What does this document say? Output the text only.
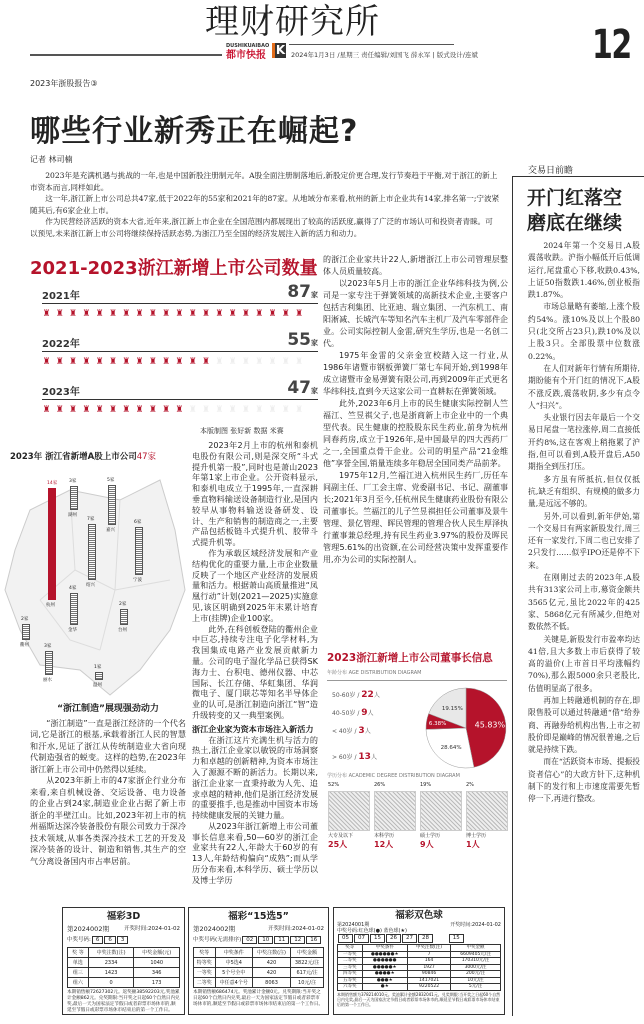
理财研究所
DUSHIKUAIBAO
都市快报 K 2024年1月3日 /星期三 责任编辑/刘国飞 薛永军 | 版式设计/连斌	12
2023年浙股报告③
哪些行业新秀正在崛起?
记者 林司楠

2023年是充满机遇与挑战的一年,也是中国新股注册制元年。A股全面注册制落地后,新股定价更合理,发行节奏趋于平衡,对于浙江的新上市资本而言,同样如此。

这一年,浙江新上市公司总共47家,低于2022年的55家和2021年的87家。从地域分布来看,杭州的新上市企业共有14家,排名第一;宁波紧随其后,有6家企业上市。

作为民营经济活跃的资本大省,近年来,浙江新上市企业在全国范围内都展现出了较高的活跃度,赢得了广泛的市场认可和投资者青睐。可以预见,未来浙江新上市公司将继续保持活跃态势,为浙江乃至全国的经济发展注入新的活力和动力。

2021-2023浙江新增上市公司数量
2021年	87家
♜ ♜ ♜ ♜ ♜ ♜ ♜ ♜ ♜ ♜ ♜ ♜ ♜ ♜ ♜ ♜ ♜ ♜ ♜ ♜
2022年	55家
♜ ♜ ♜ ♜ ♜ ♜ ♜ ♜ ♜ ♜ ♜ ♜ ♜ ♜ ♜ ♜ ♜ ♜ ♜ ♜
2023年	47家
♜ ♜ ♜ ♜ ♜ ♜ ♜ ♜ ♜ ♜ ♜ ♜ ♜ ♜ ♜ ♜ ♜ ♜ ♜ ♜
本版制图 张好新 数据 米赛
14家
杭州
3家
湖州
5家
嘉兴
7家
绍兴
6家
宁波
4家
金华
2家
衢州
2家
台州
3家
丽水
1家
温州
2023年 浙江省新增A股上市公司47家

2023年2月上市的杭州和泰机电股份有限公司,则是深交所“斗式提升机第一股”,同时也是萧山2023年第1家上市企业。公开资料显示,和泰机电成立于1995年,一直深耕垂直物料输送设备制造行业,是国内较早从事物料输送设备研发、设计、生产和销售的制造商之一,主要产品包括板链斗式提升机、胶带斗式提升机等。

作为承载区域经济发展和产业结构优化的重要力量,上市企业数量反映了一个地区产业经济的发展质量和活力。根据萧山高质量推进“凤凰行动”计划(2021—2025)实施意见,该区明确到2025年末累计培育上市(挂牌)企业100家。

此外,在科创板登陆的衢州企业中巨芯,持续专注电子化学材料,为我国集成电路产业发展贡献新力量。公司的电子湿化学品已获得SK海力士、台积电、德州仪器、中芯国际、长江存储、华虹集团、华润微电子、厦门联芯等知名半导体企业的认可,是浙江制造向浙江“智”造升级转变的又一典型案例。

浙江企业家为资本市场注入新活力

在浙江这片充满生机与活力的热土,浙江企业家以敏锐的市场洞察力和卓越的创新精神,为资本市场注入了源源不断的新活力。长期以来,浙江企业家一直秉持敢为人先、追求卓越的精神,他们是浙江经济发展的重要推手,也是推动中国资本市场持续健康发展的关键力量。

从2023年浙江新增上市公司董事长信息来看,50—60岁的浙江企业家共有22人,年龄大于60岁的有13人,年龄结构偏向“成熟”;而从学历分布来看,本科学历、硕士学历以及博士学历

的浙江企业家共计22人,新增浙江上市公司管理层整体人员质量较高。

以2023年5月上市的浙江企业华纬科技为例,公司是一家专注于弹簧领域的高新技术企业,主要客户包括吉利集团、比亚迪、瑞立集团、一汽东机工、南阳淅减、长城汽车等知名汽车主机厂及汽车零部件企业。公司实际控制人金雷,研究生学历,也是一名创二代。

1975年金雷的父亲金宣校踏入这一行业,从1986年诸暨市钢板弹簧厂第七车间开始,到1998年成立诸暨市金易弹簧有限公司,再到2009年正式更名华纬科技,直到今天这家公司一直耕耘在弹簧领域。

此外,2023年6月上市的民生健康实际控制人竺福江、竺昱祺父子,也是浙商新上市企业中的一个典型代表。民生健康的控股股东民生药业,前身为杭州同春药房,成立于1926年,是中国最早的四大西药厂之一,全国重点骨干企业。公司的明星产品“21金维他”享誉全国,销量连续多年稳居全国同类产品前茅。

1975年12月,竺福江进入杭州民生药厂,历任车间副主任、厂工会主席、党委副书记、书记、副董事长;2021年3月至今,任杭州民生健康药业股份有限公司董事长。竺福江的儿子竺昱祺担任公司董事及景牛管理、景亿管理、晖民管理的管理合伙人民生厚泽执行董事兼总经理,持有民生药业3.97%的股份及晖民管理5.61%的出资额,在公司经营决策中发挥重要作用,亦为公司的实际控制人。

“浙江制造”展现强劲动力

“浙江制造”一直是浙江经济的一个代名词,它是浙江的根基,承载着浙江人民的智慧和汗水,见证了浙江从传统制造业大省向现代制造强省的蜕变。这样的趋势,在2023年浙江新上市公司中仍然得以延续。

从2023年新上市的47家浙企行业分布来看,来自机械设备、交运设备、电力设备的企业占到24家,制造业企业占据了新上市浙企的半壁江山。比如,2023年初上市的杭州福斯达深冷装备股份有限公司致力于深冷技术领域,从事各类深冷技术工艺的开发及深冷装备的设计、制造和销售,其生产的空气分离设备国内市占率居前。

2023浙江新增上市公司董事长信息
年龄分布 AGE DISTRIBUTION DIAGRAM
50-60岁 / 22人
40-50岁 / 9人
< 40岁 / 3人
> 60岁 / 13人
45.83%
28.64%
6.38%
19.15%
学历分布 ACADEMIC DEGREE DISTRIBUTION DIAGRAM
52%
大专及以下
25人
26%
本科学历
12人
19%
硕士学历
9人
2%
博士学历
1人
福彩3D
第2024002期	开奖时间:2024-01-02
中奖号码: 6 6 3
奖 等	中奖注数(注)	中奖金额(元)
单选	2334	1040
组三	1423	346
组六	0	173
本期销售额72627302元。返奖额38592203元,奖池累计金额862元。兑奖期限:当开奖之日起60个自然日内兑奖,最后一天为国家法定节假日或者彩票市场休市的,顺延至节假日或彩票市场休市结束后的第一个工作日。
福彩“15选5”
第2024002期	开奖时间:2024-01-02
中奖号码(无需排序) 02 10 11 12 16
奖等	中奖条件	中奖注数(注)	中奖金额
特等奖	中5选4	420	3822元/注
一等奖	5个号全中	420	617元/注
二等奖	中任意4个号	8063	10元/注
本期销售额686474元。奖池累计金额0元。兑奖期限:当开奖之日起60个自然日内兑奖,最后一天为国家法定节假日或者彩票市场休市的,顺延至节假日或彩票市场休市结束后的第一个工作日。
福彩双色球
第2024001期	开奖时间:2024-01-02
中奖号码:红色球(●) 蓝色球(★)
05 07 15 26 27 28	15
奖等	中奖条件	中奖注数(注)	中奖金额
一等奖	●●●●●●★	7	6609405元/注
二等奖	●●●●●●	164	170310元/注
三等奖	●●●●●★	1927	3000元/注
四等奖	●●●●★	90846	200元/注
五等奖	●●●★	1417021	10元/注
六等奖	●★	9220522	5元/注
本期销售额为378214010元。奖池累计金额2832041元。兑奖期限:当开奖之日起60个自然日内兑奖,最后一天为国家法定节假日或者彩票市场休市的,顺延至节假日或彩票市场休市结束后的第一个工作日。
交易日前瞻
开门红落空
磨底在继续

2024年第一个交易日,A股震荡收跌。沪指小幅低开后低调运行,尾盘重心下移,收跌0.43%,上证50指数跌1.46%,创业板指跌1.87%。

市场总量略有萎缩,上涨个股约54%。涨10%及以上个股80只(北交所占23只),跌10%及以上股3只。全部股票中位数涨0.22%。

在人们对新年行情有所期待,期盼能有个开门红的情况下,A股不涨反跌,震荡收阴,多少有点令人“扫兴”。

头业银行因去年最后一个交易日尾盘一笔拉涨停,周二直接低开约8%,这在客观上稍拖累了沪指,但可以看到,A股开盘后,A50期指全到压打压。

多方虽有所抵抗,但仅仅抵抗,缺乏有组织、有规模的做多力量,是远远不够的。

另外,可以看到,新年伊始,第一个交易日有两家新股发行,周三还有一家发行,下周二也已安排了2只发行……似乎IPO还是停不下来。

在刚刚过去的2023年,A股共有313家公司上市,募资金额共3565亿元,虽比2022年的425家、5868亿元有所减少,但绝对数依然不低。

关键是,新股发行市盈率均达41倍,且大多数上市后获得了较高的溢价(上市首日平均涨幅约70%),那么跟5000余只老股比,估值明显高了很多。

再加上转融通机制的存在,即限售股可以通过转融通“借”给券商、再融券给机构出售,上市之初股价即是巅峰的情况很普遍,之后就是持续下跌。

而在“活跃资本市场、提振投资者信心”的大政方针下,这种机制下的发行和上市速度需要先暂停一下,再进行整改。
